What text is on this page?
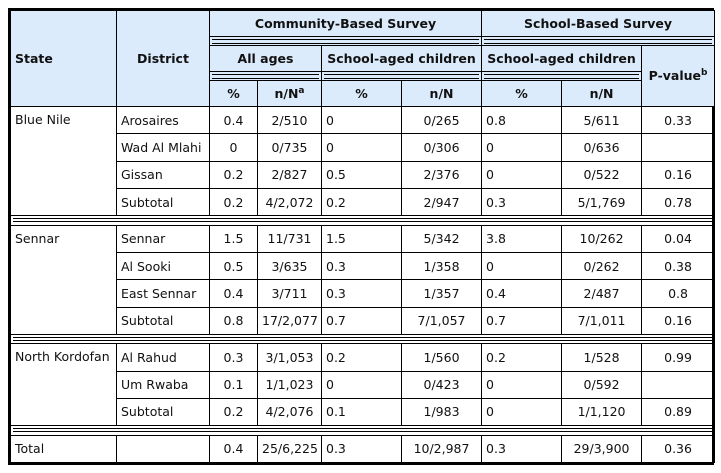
State	District	Community-Based Survey				School-Based Survey		

		All ages		School-aged children		School-aged children		P-value$^b$

		%	$n/N^a$	%	n/N	%	n/N	
Blue Nile	Arosaires	0.4	2/510	0	0/265	0.8	5/611	0.33
	Wad Al Mlahi	0	0/735	0	0/306	0	0/636	
	Gissan	0.2	2/827	0.5	2/376	0	0/522	0.16
	Subtotal	0.2	4/2,072	0.2	2/947	0.3	5/1,769	0.78

Sennar	Sennar	1.5	11/731	1.5	5/342	3.8	10/262	0.04
	Al Sooki	0.5	3/635	0.3	1/358	0	0/262	0.38
	East Sennar	0.4	3/711	0.3	1/357	0.4	2/487	0.8
	Subtotal	0.8	17/2,077	0.7	7/1,057	0.7	7/1,011	0.16

North Kordofan	Al Rahud	0.3	3/1,053	0.2	1/560	0.2	1/528	0.99
	Um Rwaba	0.1	1/1,023	0	0/423	0	0/592	
	Subtotal	0.2	4/2,076	0.1	1/983	0	1/1,120	0.89

Total		0.4	25/6,225	0.3	10/2,987	0.3	29/3,900	0.36
